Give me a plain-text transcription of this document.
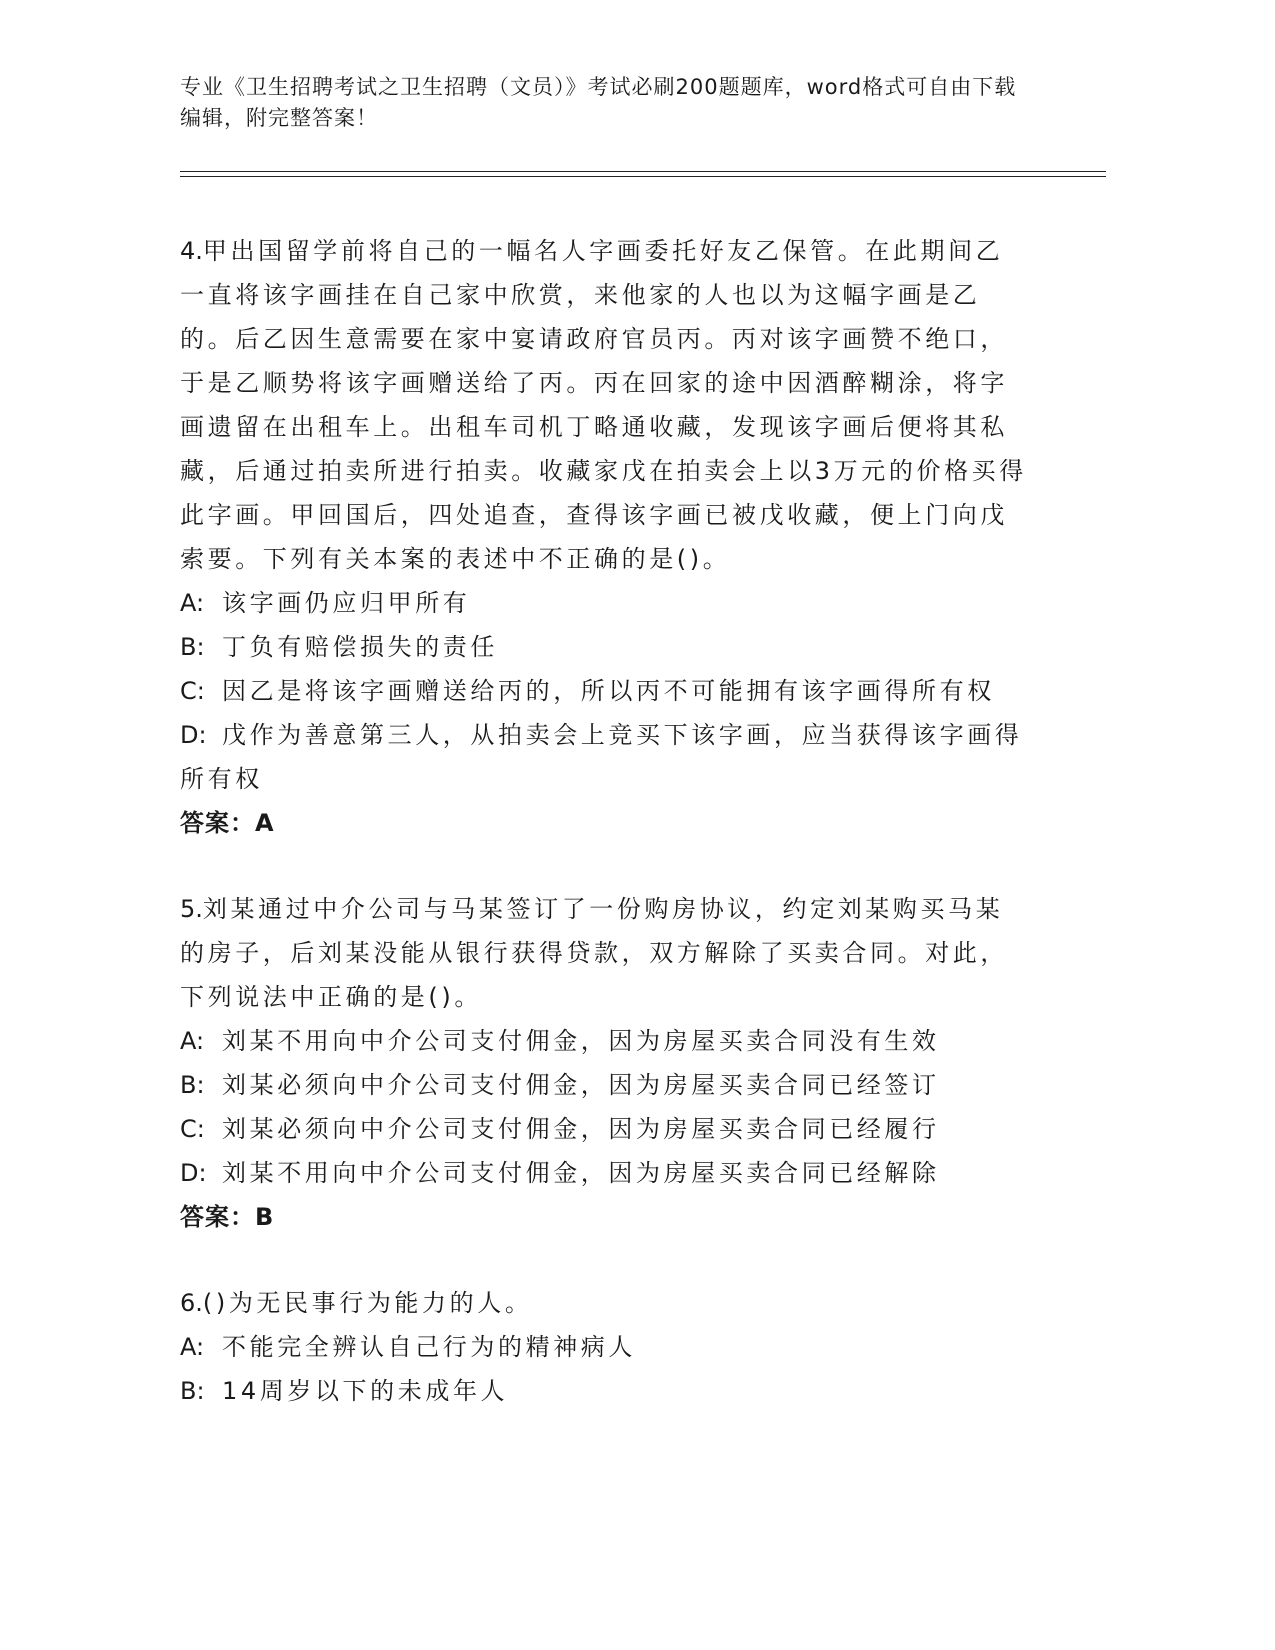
专业《卫生招聘考试之卫生招聘（文员）》考试必刷200题题库，word格式可自由下载编辑，附完整答案！

4.甲出国留学前将自己的一幅名人字画委托好友乙保管。在此期间乙一直将该字画挂在自己家中欣赏，来他家的人也以为这幅字画是乙的。后乙因生意需要在家中宴请政府官员丙。丙对该字画赞不绝口，于是乙顺势将该字画赠送给了丙。丙在回家的途中因酒醉糊涂，将字画遗留在出租车上。出租车司机丁略通收藏，发现该字画后便将其私藏，后通过拍卖所进行拍卖。收藏家戊在拍卖会上以3万元的价格买得此字画。甲回国后，四处追查，查得该字画已被戊收藏，便上门向戊索要。下列有关本案的表述中不正确的是()。

A: 该字画仍应归甲所有

B: 丁负有赔偿损失的责任

C: 因乙是将该字画赠送给丙的，所以丙不可能拥有该字画得所有权

D: 戊作为善意第三人，从拍卖会上竞买下该字画，应当获得该字画得所有权

答案：A

5.刘某通过中介公司与马某签订了一份购房协议，约定刘某购买马某的房子，后刘某没能从银行获得贷款，双方解除了买卖合同。对此，下列说法中正确的是()。

A: 刘某不用向中介公司支付佣金，因为房屋买卖合同没有生效

B: 刘某必须向中介公司支付佣金，因为房屋买卖合同已经签订

C: 刘某必须向中介公司支付佣金，因为房屋买卖合同已经履行

D: 刘某不用向中介公司支付佣金，因为房屋买卖合同已经解除

答案：B

6.()为无民事行为能力的人。

A: 不能完全辨认自己行为的精神病人

B: 14周岁以下的未成年人
